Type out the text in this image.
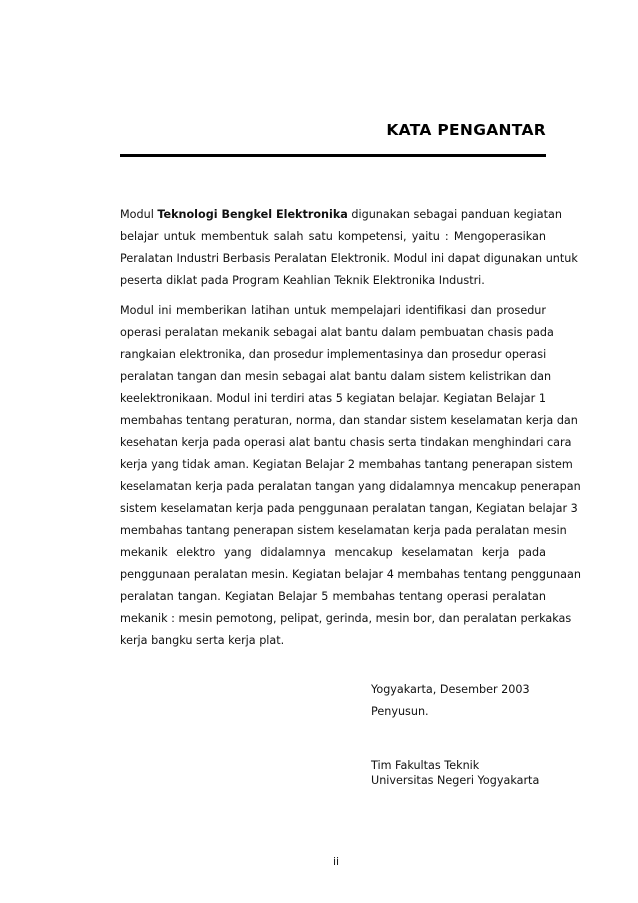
KATA PENGANTAR
Modul Teknologi Bengkel Elektronika digunakan sebagai panduan kegiatan
belajar untuk membentuk salah satu kompetensi, yaitu : Mengoperasikan
Peralatan Industri Berbasis Peralatan Elektronik. Modul ini dapat digunakan untuk
peserta diklat pada Program Keahlian Teknik Elektronika Industri.
Modul ini memberikan latihan untuk mempelajari identifikasi dan prosedur
operasi peralatan mekanik sebagai alat bantu dalam pembuatan chasis pada
rangkaian elektronika, dan prosedur implementasinya dan prosedur operasi
peralatan tangan dan mesin sebagai alat bantu dalam sistem kelistrikan dan
keelektronikaan. Modul ini terdiri atas 5 kegiatan belajar. Kegiatan Belajar 1
membahas tentang peraturan, norma, dan standar sistem keselamatan kerja dan
kesehatan kerja pada operasi alat bantu chasis serta tindakan menghindari cara
kerja yang tidak aman. Kegiatan Belajar 2 membahas tantang penerapan sistem
keselamatan kerja pada peralatan tangan yang didalamnya mencakup penerapan
sistem keselamatan kerja pada penggunaan peralatan tangan, Kegiatan belajar 3
membahas tantang penerapan sistem keselamatan kerja pada peralatan mesin
mekanik elektro yang didalamnya mencakup keselamatan kerja pada
penggunaan peralatan mesin. Kegiatan belajar 4 membahas tentang penggunaan
peralatan tangan. Kegiatan Belajar 5 membahas tentang operasi peralatan
mekanik : mesin pemotong, pelipat, gerinda, mesin bor, dan peralatan perkakas
kerja bangku serta kerja plat.
Yogyakarta, Desember 2003
Penyusun.
Tim Fakultas Teknik
Universitas Negeri Yogyakarta
ii
